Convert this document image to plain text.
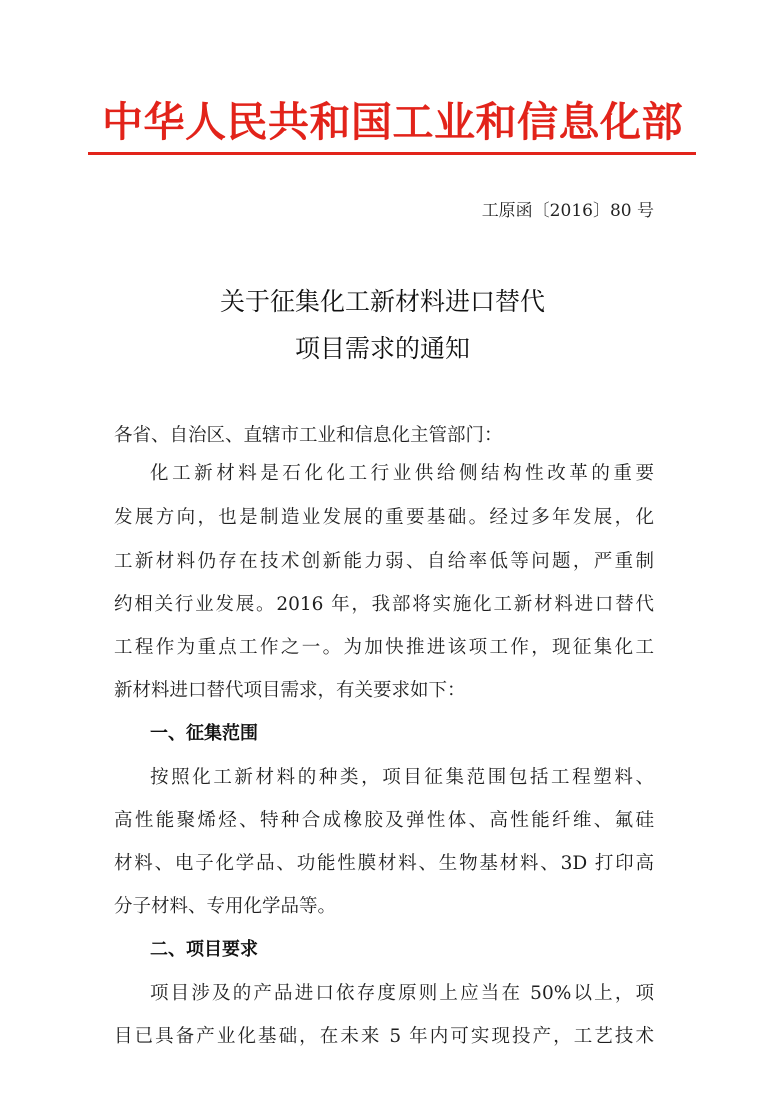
中华人民共和国工业和信息化部
工原函〔2016〕80 号
关于征集化工新材料进口替代
项目需求的通知
各省、自治区、直辖市工业和信息化主管部门：
化工新材料是石化化工行业供给侧结构性改革的重要
发展方向，也是制造业发展的重要基础。经过多年发展，化
工新材料仍存在技术创新能力弱、自给率低等问题，严重制
约相关行业发展。2016 年，我部将实施化工新材料进口替代
工程作为重点工作之一。为加快推进该项工作，现征集化工
新材料进口替代项目需求，有关要求如下：
一、征集范围
按照化工新材料的种类，项目征集范围包括工程塑料、
高性能聚烯烃、特种合成橡胶及弹性体、高性能纤维、氟硅
材料、电子化学品、功能性膜材料、生物基材料、3D 打印高
分子材料、专用化学品等。
二、项目要求
项目涉及的产品进口依存度原则上应当在 50%以上，项
目已具备产业化基础，在未来 5 年内可实现投产，工艺技术
